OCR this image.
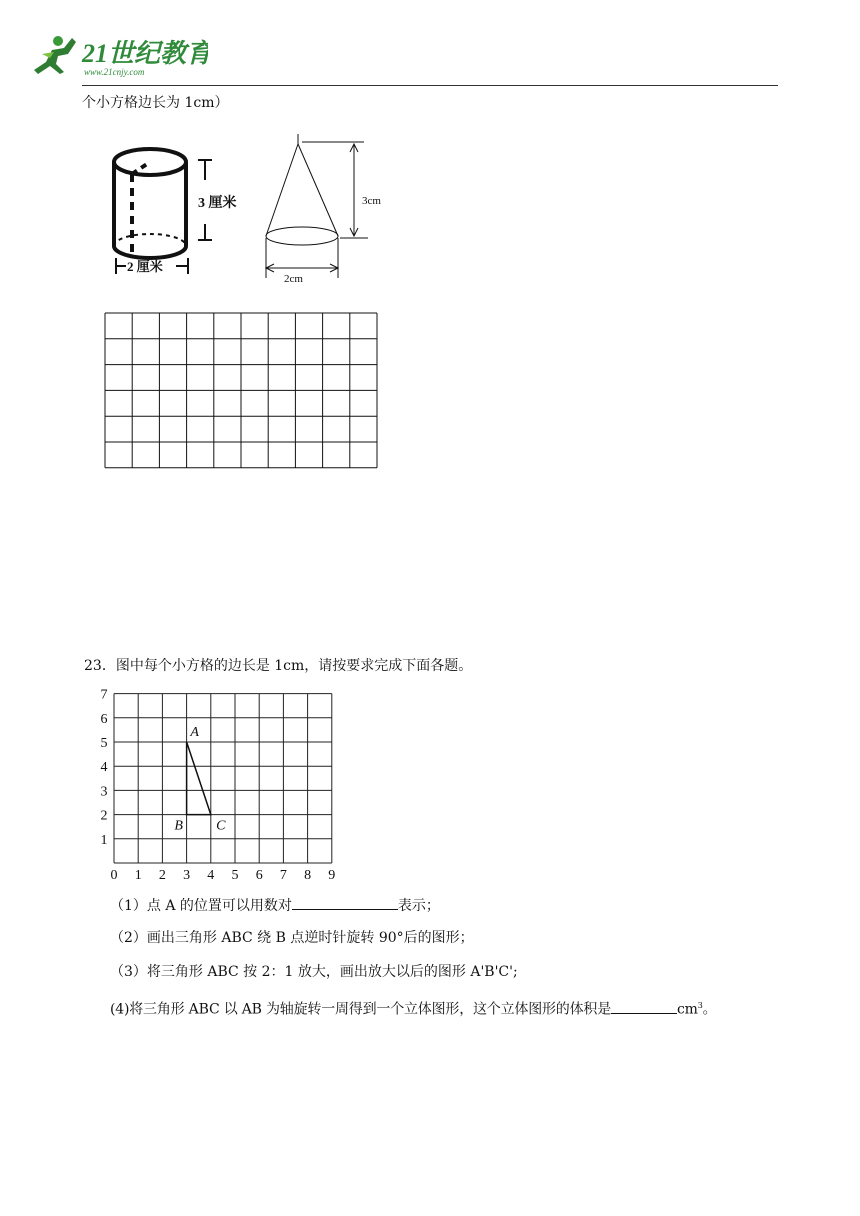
21世纪教育
www.21cnjy.com
个小方格边长为 1cm）
3 厘米
2 厘米
3cm
2cm
23．图中每个小方格的边长是 1cm，请按要求完成下面各题。
0 1 2 3 4 5 6 7 8 9
1
2
3
4
5
6
7
A
B C
（1）点 A 的位置可以用数对	表示；
（2）画出三角形 ABC 绕 B 点逆时针旋转 90°后的图形；
（3）将三角形 ABC 按 2：1 放大，画出放大以后的图形 A'B'C';
(4)将三角形 ABC 以 AB 为轴旋转一周得到一个立体图形，这个立体图形的体积是	$cm^3$。
